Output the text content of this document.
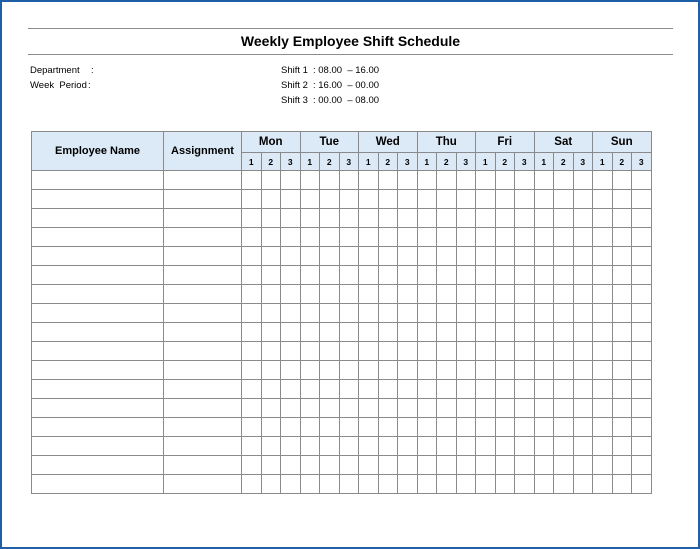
Weekly Employee Shift Schedule
Department :
Week  Period :
Shift 1 : 08.00  – 16.00
Shift 2 : 16.00  – 00.00
Shift 3 : 00.00  – 08.00
Employee Name	Assignment	Mon			Tue			Wed			Thu			Fri			Sat			Sun		
		1	2	3	1	2	3	1	2	3	1	2	3	1	2	3	1	2	3	1	2	3
